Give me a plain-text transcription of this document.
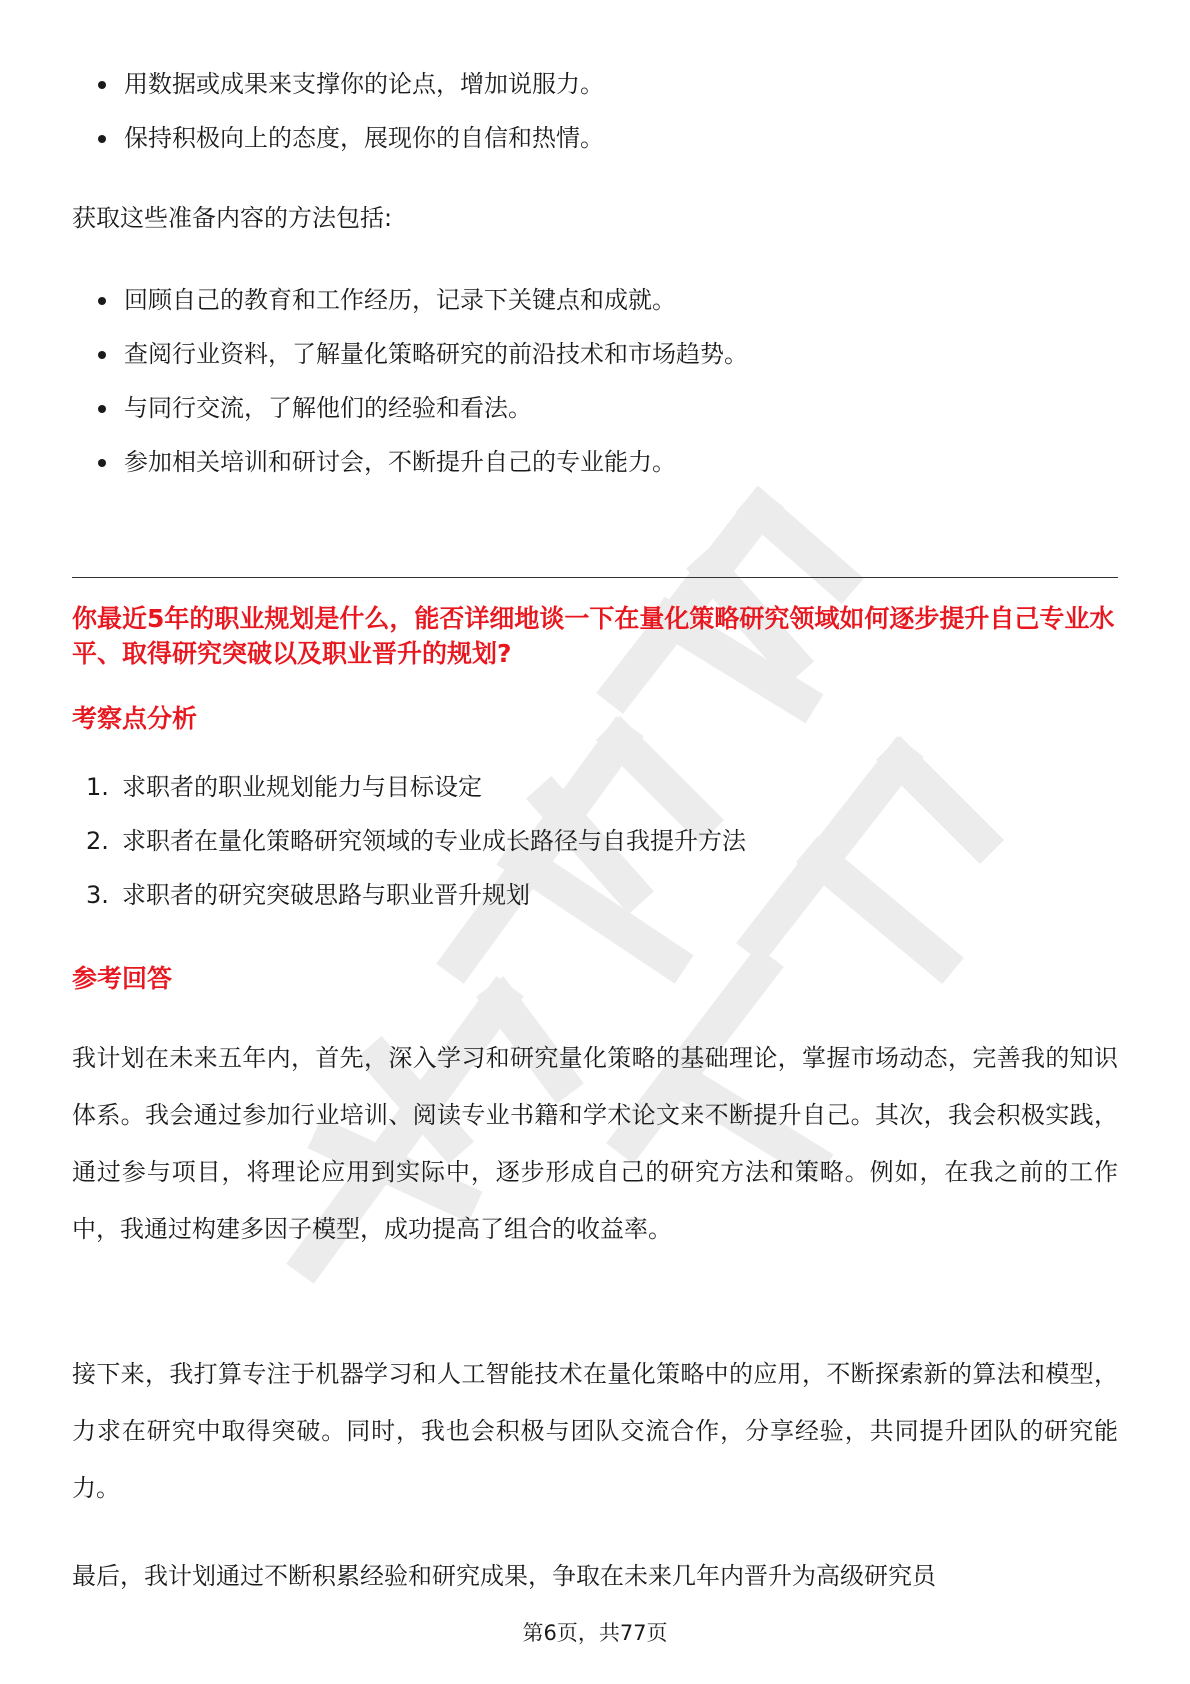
用数据或成果来支撑你的论点，增加说服力。
保持积极向上的态度，展现你的自信和热情。

获取这些准备内容的方法包括:

回顾自己的教育和工作经历，记录下关键点和成就。
查阅行业资料，了解量化策略研究的前沿技术和市场趋势。
与同行交流，了解他们的经验和看法。
参加相关培训和研讨会，不断提升自己的专业能力。

你最近5年的职业规划是什么，能否详细地谈一下在量化策略研究领域如何逐步提升自己专业水平、取得研究突破以及职业晋升的规划?

考察点分析

1. 求职者的职业规划能力与目标设定
2. 求职者在量化策略研究领域的专业成长路径与自我提升方法
3. 求职者的研究突破思路与职业晋升规划

参考回答

我计划在未来五年内，首先，深入学习和研究量化策略的基础理论，掌握市场动态，完善我的知识体系。我会通过参加行业培训、阅读专业书籍和学术论文来不断提升自己。其次，我会积极实践，通过参与项目，将理论应用到实际中，逐步形成自己的研究方法和策略。例如，在我之前的工作中，我通过构建多因子模型，成功提高了组合的收益率。

接下来，我打算专注于机器学习和人工智能技术在量化策略中的应用，不断探索新的算法和模型，力求在研究中取得突破。同时，我也会积极与团队交流合作，分享经验，共同提升团队的研究能力。

最后，我计划通过不断积累经验和研究成果，争取在未来几年内晋升为高级研究员

第6页，共77页
